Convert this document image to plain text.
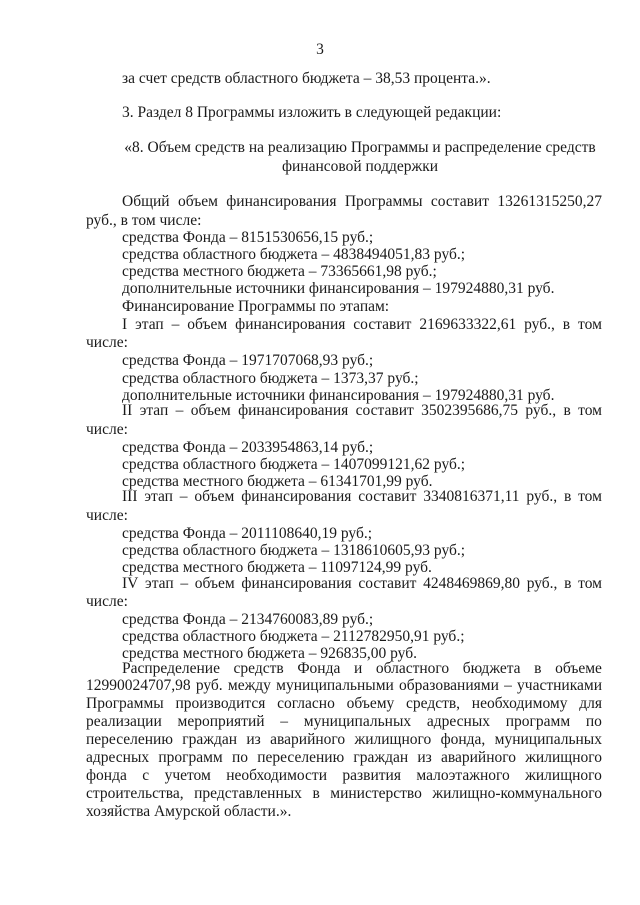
3
за счет средств областного бюджета – 38,53 процента.».
3. Раздел 8 Программы изложить в следующей редакции:
«8. Объем средств на реализацию Программы и распределение средств
финансовой поддержки
Общий объем финансирования Программы составит 13261315250,27
руб., в том числе:
средства Фонда – 8151530656,15 руб.;
средства областного бюджета – 4838494051,83 руб.;
средства местного бюджета – 73365661,98 руб.;
дополнительные источники финансирования – 197924880,31 руб.
Финансирование Программы по этапам:
I этап – объем финансирования составит 2169633322,61 руб., в том
числе:
средства Фонда – 1971707068,93 руб.;
средства областного бюджета – 1373,37 руб.;
дополнительные источники финансирования – 197924880,31 руб.
II этап – объем финансирования составит 3502395686,75 руб., в том
числе:
средства Фонда – 2033954863,14 руб.;
средства областного бюджета – 1407099121,62 руб.;
средства местного бюджета – 61341701,99 руб.
III этап – объем финансирования составит 3340816371,11 руб., в том
числе:
средства Фонда – 2011108640,19 руб.;
средства областного бюджета – 1318610605,93 руб.;
средства местного бюджета – 11097124,99 руб.
IV этап – объем финансирования составит 4248469869,80 руб., в том
числе:
средства Фонда – 2134760083,89 руб.;
средства областного бюджета – 2112782950,91 руб.;
средства местного бюджета – 926835,00 руб.
Распределение средств Фонда и областного бюджета в объеме
12990024707,98 руб. между муниципальными образованиями – участниками
Программы производится согласно объему средств, необходимому для
реализации мероприятий – муниципальных адресных программ по
переселению граждан из аварийного жилищного фонда, муниципальных
адресных программ по переселению граждан из аварийного жилищного
фонда с учетом необходимости развития малоэтажного жилищного
строительства, представленных в министерство жилищно-коммунального
хозяйства Амурской области.».
